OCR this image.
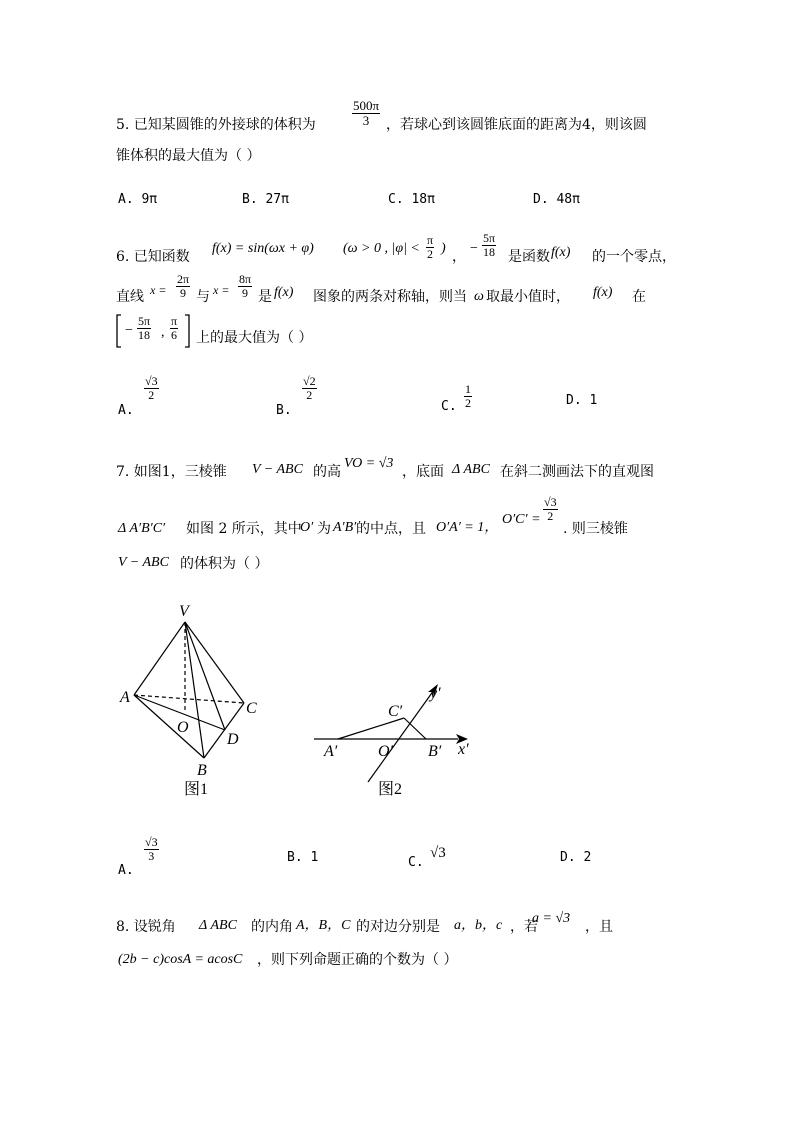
5. 已知某圆锥的外接球的体积为	$\frac{500\pi}{3}$ ，若球心到该圆锥底面的距离为4，则该圆
锥体积的最大值为（ ）
A. 9π	B. 27π	C. 18π	D. 48π
6. 已知函数
f(x) = sin(ωx + φ) (ω > 0 , $|\varphi| < \frac{\pi}{2}$ )
，
− $\frac{5\pi}{18}$ 是函数 f(x) 的一个零点，
直线 $x = \frac{2\pi}{9}$ 与 $x = \frac{8\pi}{9}$ 是 f(x) 图象的两条对称轴，则当 ω 取最小值时， f(x) 在
− $\frac{5\pi}{18}$ , $\frac{\pi}{6}$ 上的最大值为（ ）
A.
$\frac{√3}{2}$
B.
$\frac{√2}{2}$
C. $\frac{1}{2}$	D. 1
7. 如图1，三棱锥 V − ABC 的高
VO = √3
，底面 Δ ABC 在斜二测画法下的直观图
Δ A′B′C′ 如图 2 所示，其中
O′ 为 A′B′ 的中点，且 O′A′ = 1，
$O'C' = \frac{√3}{2}$
. 则三棱锥
V − ABC 的体积为（ ）
V
A
O
C
D
B
图1
C′
y′
A′	O′ B′ x′
图2
A.
$\frac{√3}{3}$	B. 1	C.
√3	D. 2
8. 设锐角 Δ ABC 的内角 A，B，C 的对边分别是 a，b，c ，若
a = √3
，且
(2b − c)cosA = acosC ，则下列命题正确的个数为（ ）
